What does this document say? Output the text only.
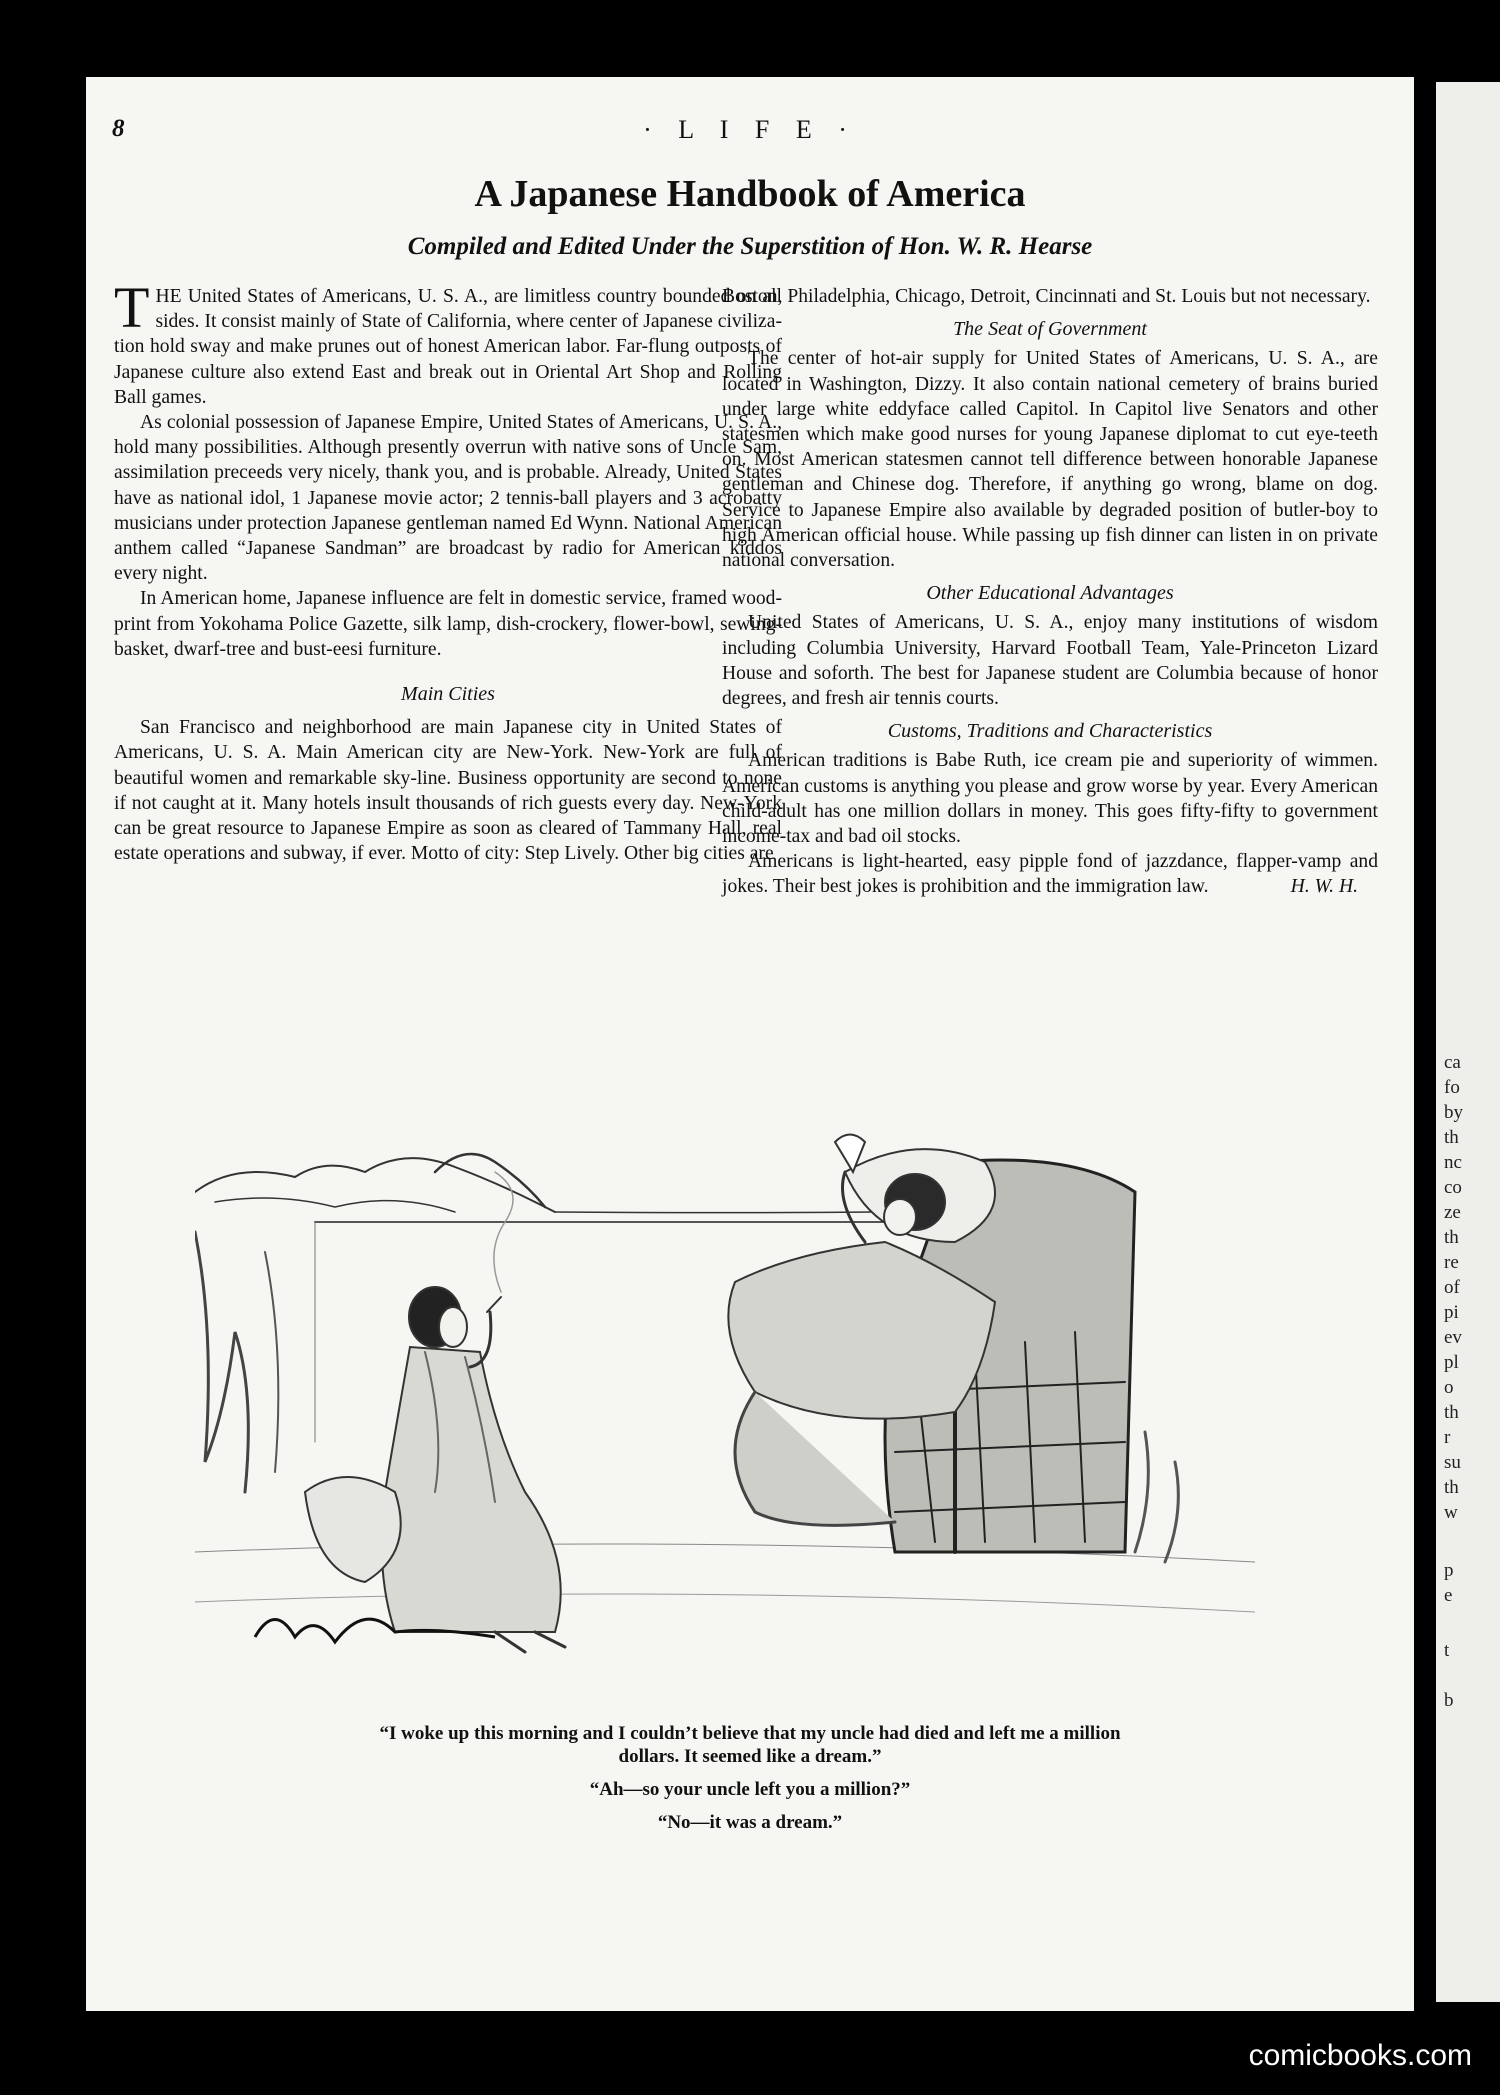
ca
fo
by
th
nc
co
ze
th
re
of
pi
ev
pl
o
th
r
su
th
w
p
e
t
b
8	· L I F E ·
A Japanese Handbook of America
Compiled and Edited Under the Superstition of Hon. W. R. Hearse

THE United States of Americans, U. S. A., are limitless country bounded on all sides. It consist mainly of State of California, where center of Japanese civilization hold sway and make prunes out of honest American labor. Far-flung outposts of Japanese culture also extend East and break out in Oriental Art Shop and Rolling Ball games.

As colonial possession of Japanese Empire, United States of Americans, U. S. A., hold many possibilities. Although presently overrun with native sons of Uncle Sam, assimilation preceeds very nicely, thank you, and is probable. Already, United States have as national idol, 1 Japanese movie actor; 2 tennis-ball players and 3 acrobatty musicians under protection Japanese gentleman named Ed Wynn. National American anthem called “Japanese Sandman” are broadcast by radio for American kiddos every night.

In American home, Japanese influence are felt in domestic service, framed wood-print from Yokohama Police Gazette, silk lamp, dish-crockery, flower-bowl, sewing-basket, dwarf-tree and bust-eesi furniture.

Main Cities

San Francisco and neighborhood are main Japanese city in United States of Americans, U. S. A. Main American city are New-York. New-York are full of beautiful women and remarkable sky-line. Business opportunity are second to none if not caught at it. Many hotels insult thousands of rich guests every day. New-York can be great resource to Japanese Empire as soon as cleared of Tammany Hall, real estate operations and subway, if ever. Motto of city: Step Lively. Other big cities are

Boston, Philadelphia, Chicago, Detroit, Cincinnati and St. Louis but not necessary.

The Seat of Government

The center of hot-air supply for United States of Americans, U. S. A., are located in Washington, Dizzy. It also contain national cemetery of brains buried under large white eddyface called Capitol. In Capitol live Senators and other statesmen which make good nurses for young Japanese diplomat to cut eye-teeth on. Most American statesmen cannot tell difference between honorable Japanese gentleman and Chinese dog. Therefore, if anything go wrong, blame on dog. Service to Japanese Empire also available by degraded position of butler-boy to high American official house. While passing up fish dinner can listen in on private national conversation.

Other Educational Advantages

United States of Americans, U. S. A., enjoy many institutions of wisdom including Columbia University, Harvard Football Team, Yale-Princeton Lizard House and soforth. The best for Japanese student are Columbia because of honor degrees, and fresh air tennis courts.

Customs, Traditions and Characteristics

American traditions is Babe Ruth, ice cream pie and superiority of wimmen. American customs is anything you please and grow worse by year. Every American child-adult has one million dollars in money. This goes fifty-fifty to government income-tax and bad oil stocks.

Americans is light-hearted, easy pipple fond of jazzdance, flapper-vamp and jokes. Their best jokes is prohibition and the immigration law.	H. W. H.

“I woke up this morning and I couldn’t believe that my uncle had died and left me a million
dollars. It seemed like a dream.”
“Ah—so your uncle left you a million?”
“No—it was a dream.”
comicbooks.com
